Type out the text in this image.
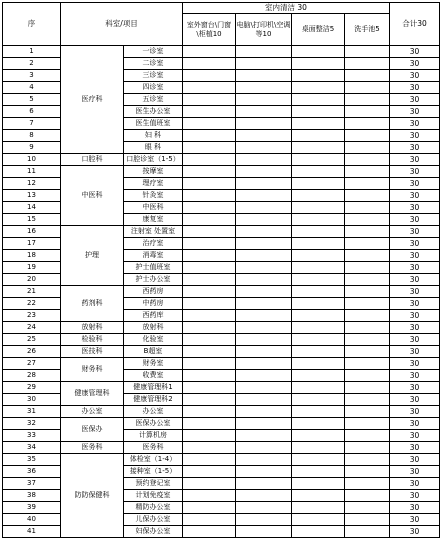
序	科室/项目		室内清洁 30				合计30
			室外窗台\门窗\柜植10	电脑\打印机\空调等10	桌面整洁5	洗手池5	
1	医疗科	一诊室					30
2		二诊室					30
3		三诊室					30
4		四诊室					30
5		五诊室					30
6		医生办公室					30
7		医生值班室					30
8		妇 科					30
9		眼 科					30
10	口腔科	口腔诊室（1-5）					30
11	中医科	按摩室					30
12		理疗室					30
13		针灸室					30
14		中医科					30
15		康复室					30
16	护理	注射室 处置室					30
17		治疗室					30
18		消毒室					30
19		护士值班室					30
20		护士办公室					30
21	药剂科	西药房					30
22		中药房					30
23		西药库					30
24	放射科	放射科					30
25	检验科	化验室					30
26	医技科	B超室					30
27	财务科	财务室					30
28		收费室					30
29	健康管理科	健康管理科1					30
30		健康管理科2					30
31	办公室	办公室					30
32	医保办	医保办公室					30
33		计算机房					30
34	医务科	医务科					30
35	防防保健科	体检室（1-4）					30
36		接种室（1-5）					30
37		预约登记室					30
38		计划免疫室					30
39		精防办公室					30
40		儿保办公室					30
41		妇保办公室					30
